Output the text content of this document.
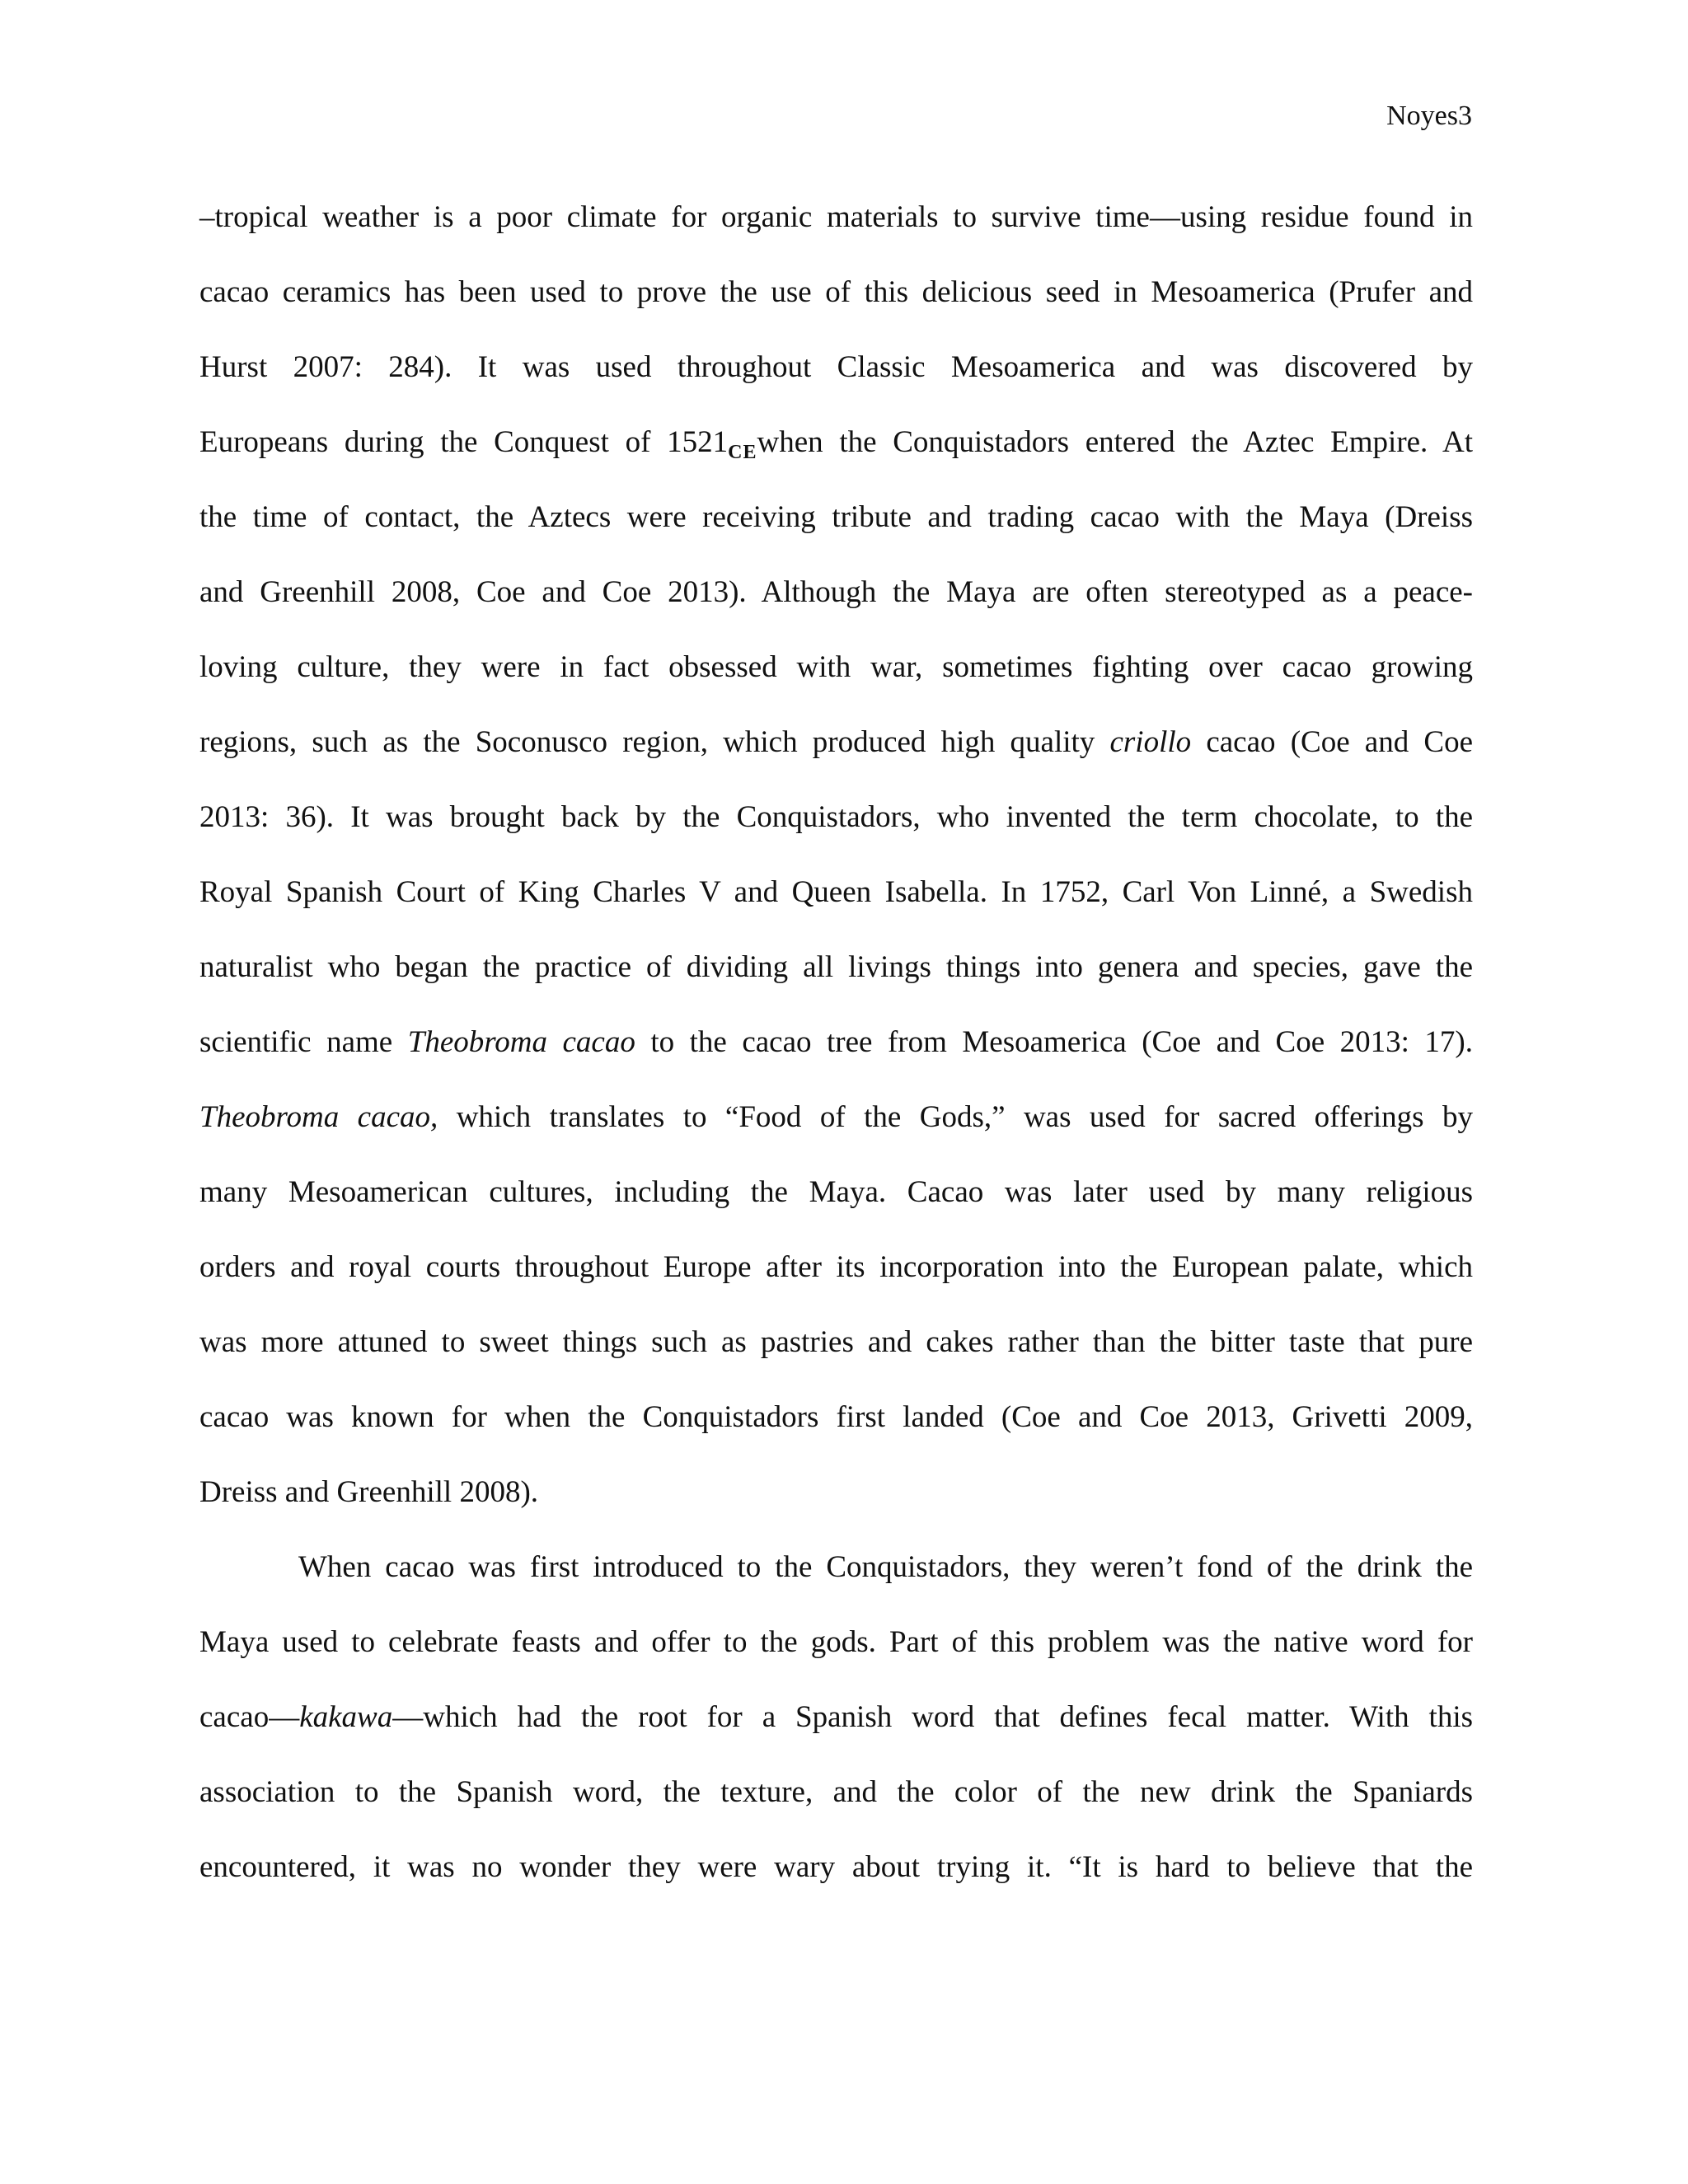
Noyes3
–tropical weather is a poor climate for organic materials to survive time—using residue found in
cacao ceramics has been used to prove the use of this delicious seed in Mesoamerica (Prufer and
Hurst 2007: 284). It was used throughout Classic Mesoamerica and was discovered by
Europeans during the Conquest of $1521_{CE}when$ the Conquistadors entered the Aztec Empire. At
the time of contact, the Aztecs were receiving tribute and trading cacao with the Maya (Dreiss
and Greenhill 2008, Coe and Coe 2013). Although the Maya are often stereotyped as a peace-
loving culture, they were in fact obsessed with war, sometimes fighting over cacao growing
regions, such as the Soconusco region, which produced high quality criollo cacao (Coe and Coe
2013: 36). It was brought back by the Conquistadors, who invented the term chocolate, to the
Royal Spanish Court of King Charles V and Queen Isabella. In 1752, Carl Von Linné, a Swedish
naturalist who began the practice of dividing all livings things into genera and species, gave the
scientific name Theobroma cacao to the cacao tree from Mesoamerica (Coe and Coe 2013: 17).
Theobroma cacao, which translates to “Food of the Gods,” was used for sacred offerings by
many Mesoamerican cultures, including the Maya. Cacao was later used by many religious
orders and royal courts throughout Europe after its incorporation into the European palate, which
was more attuned to sweet things such as pastries and cakes rather than the bitter taste that pure
cacao was known for when the Conquistadors first landed (Coe and Coe 2013, Grivetti 2009,
Dreiss and Greenhill 2008).
When cacao was first introduced to the Conquistadors, they weren’t fond of the drink the
Maya used to celebrate feasts and offer to the gods. Part of this problem was the native word for
cacao—kakawa—which had the root for a Spanish word that defines fecal matter. With this
association to the Spanish word, the texture, and the color of the new drink the Spaniards
encountered, it was no wonder they were wary about trying it. “It is hard to believe that the
